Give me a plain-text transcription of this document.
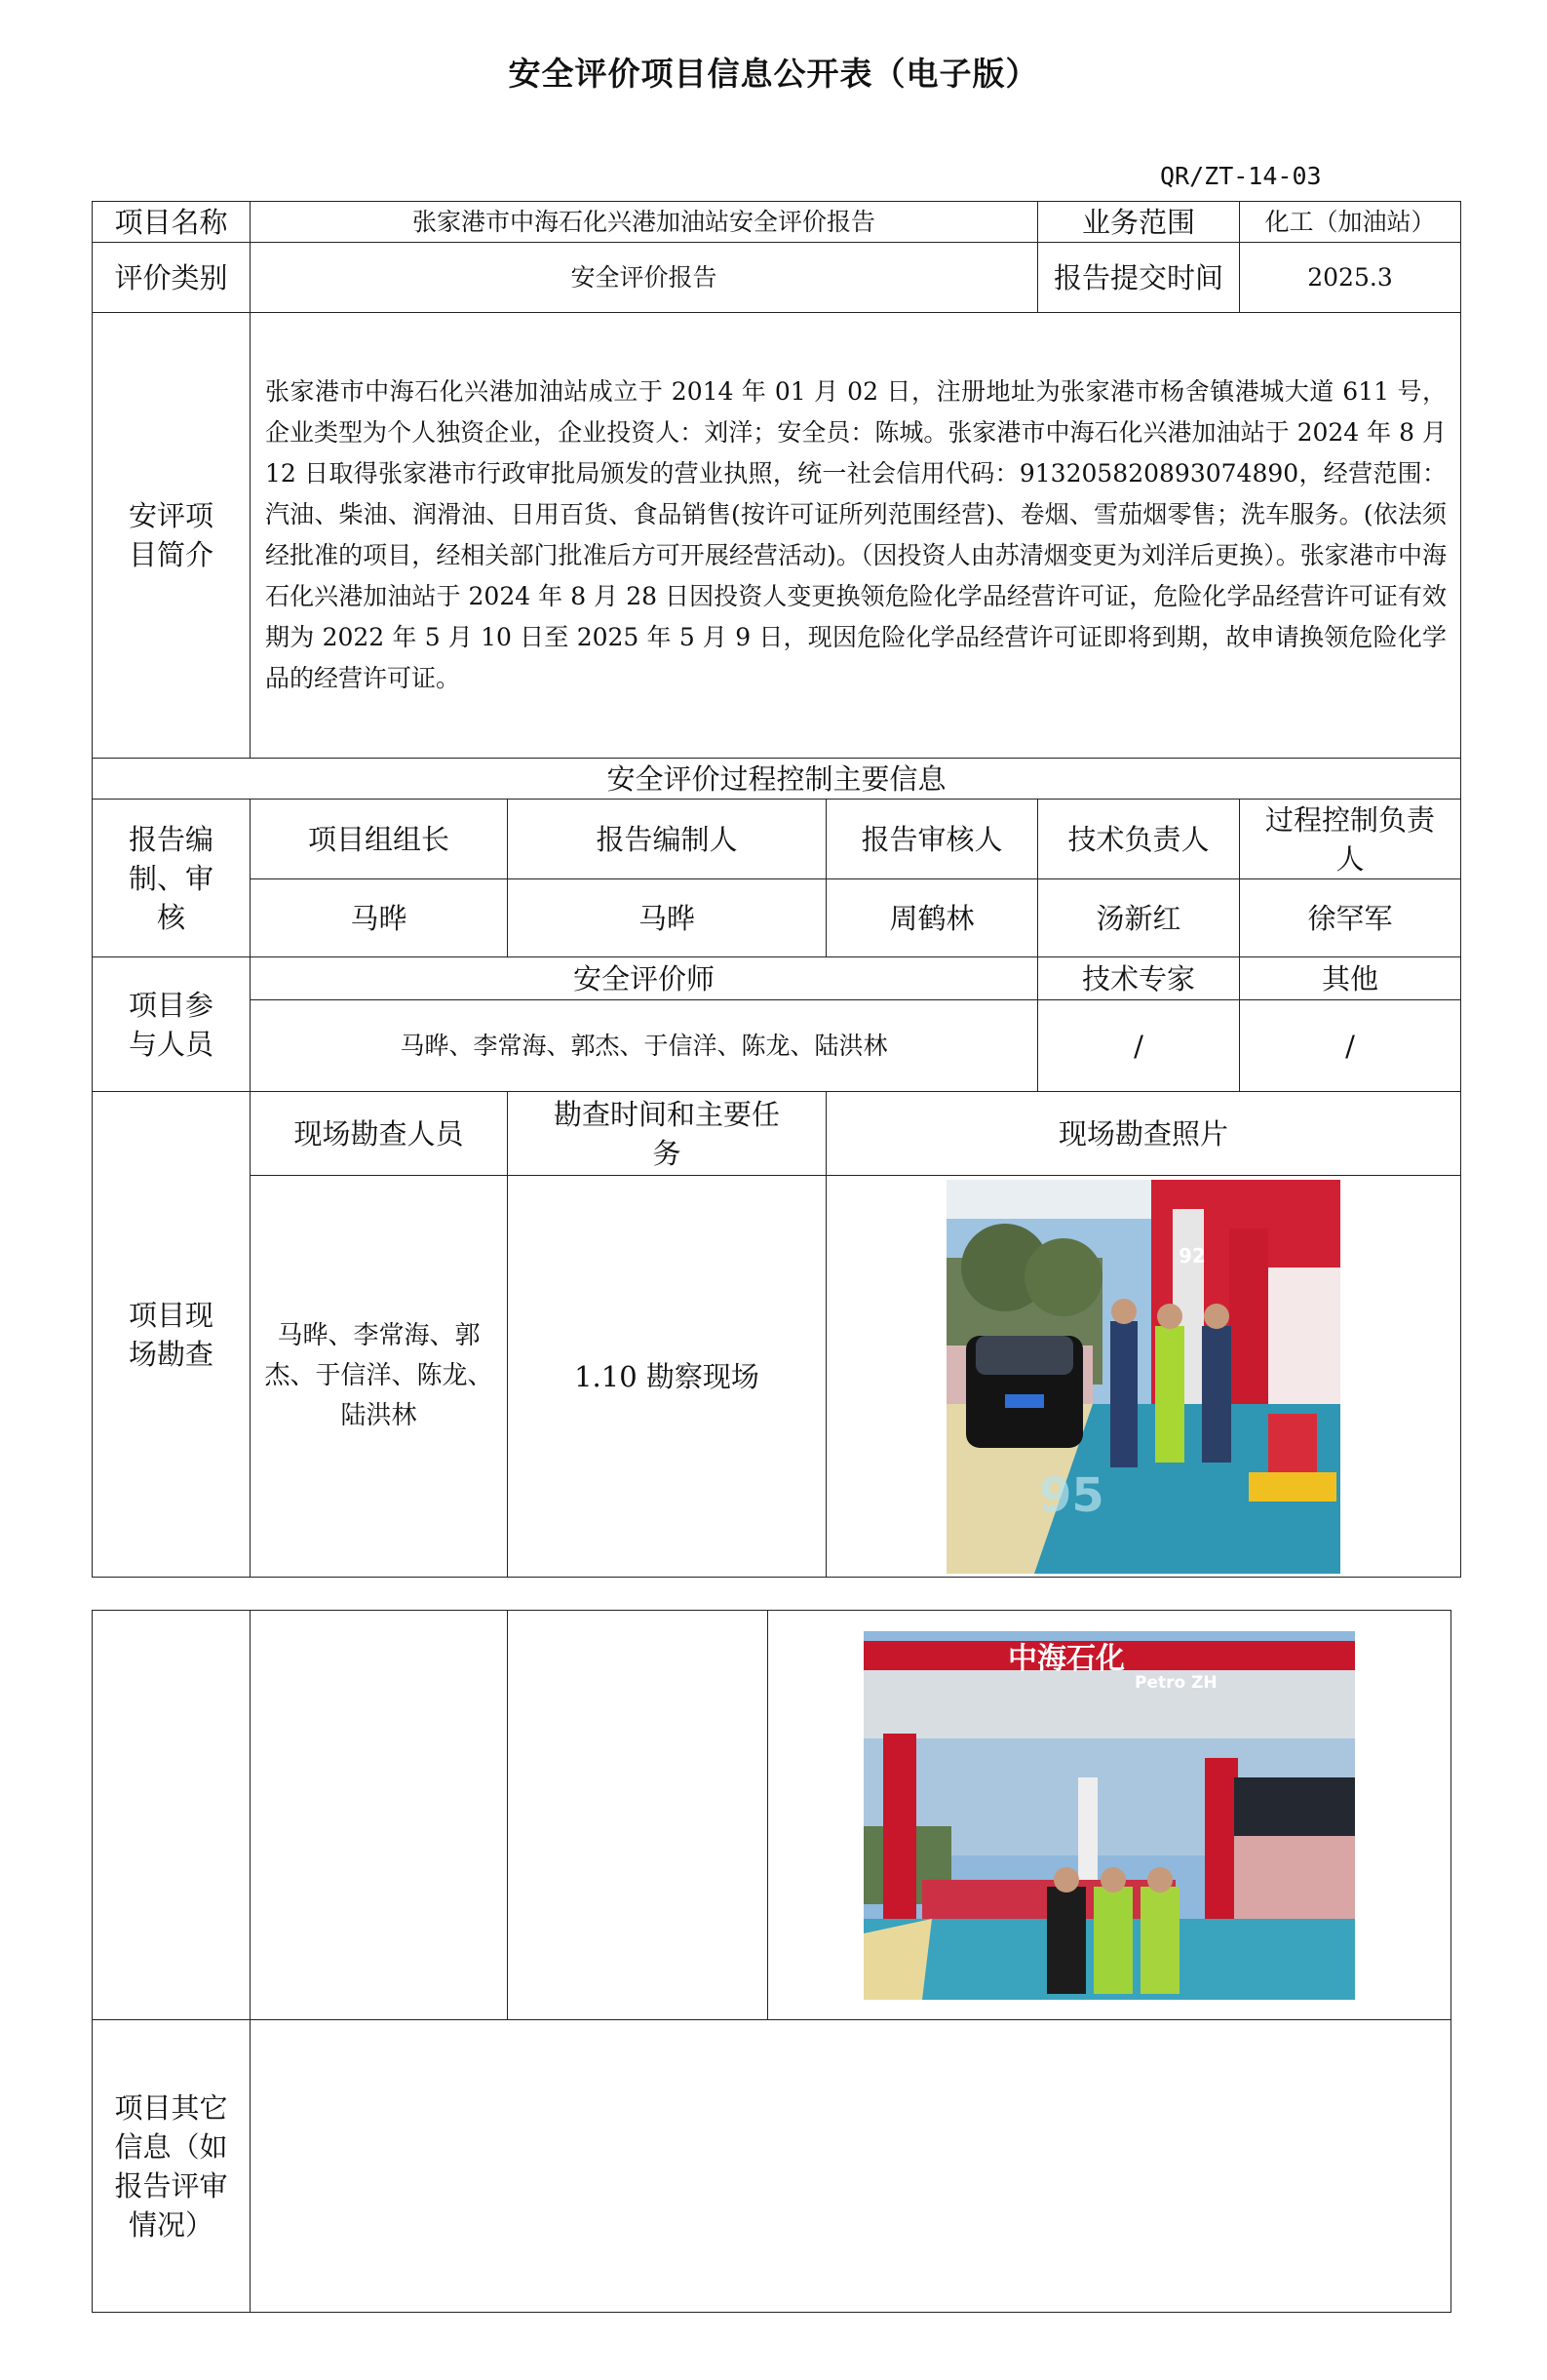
安全评价项目信息公开表（电子版）
QR/ZT-14-03
项目名称	张家港市中海石化兴港加油站安全评价报告			业务范围	化工（加油站）
评价类别	安全评价报告			报告提交时间	2025.3

安评项目简介	张家港市中海石化兴港加油站成立于 2014 年 01 月 02 日，注册地址为张家港市杨舍镇港城大道 611 号，企业类型为个人独资企业，企业投资人：刘洋；安全员：陈城。张家港市中海石化兴港加油站于 2024 年 8 月 12 日取得张家港市行政审批局颁发的营业执照，统一社会信用代码：913205820893074890，经营范围：汽油、柴油、润滑油、日用百货、食品销售(按许可证所列范围经营)、卷烟、雪茄烟零售；洗车服务。(依法须经批准的项目，经相关部门批准后方可开展经营活动)。（因投资人由苏清烟变更为刘洋后更换）。张家港市中海石化兴港加油站于 2024 年 8 月 28 日因投资人变更换领危险化学品经营许可证，危险化学品经营许可证有效期为 2022 年 5 月 10 日至 2025 年 5 月 9 日，现因危险化学品经营许可证即将到期，故申请换领危险化学品的经营许可证。				
安全评价过程控制主要信息					

报告编制、审核	项目组组长	报告编制人	报告审核人	技术负责人	过程控制负责人

	马晔	马晔	周鹤林	汤新红	徐罕军

项目参与人员	安全评价师			技术专家	其他
	马晔、李常海、郭杰、于信洋、陈龙、陆洪林			/	/

项目现场勘查	现场勘查人员	勘查时间和主要任务	现场勘查照片		
	马晔、李常海、郭杰、于信洋、陈龙、陆洪林	1.10 勘察现场	92
95		

中海石化
Petro ZH

项目其它信息（如报告评审情况）			
